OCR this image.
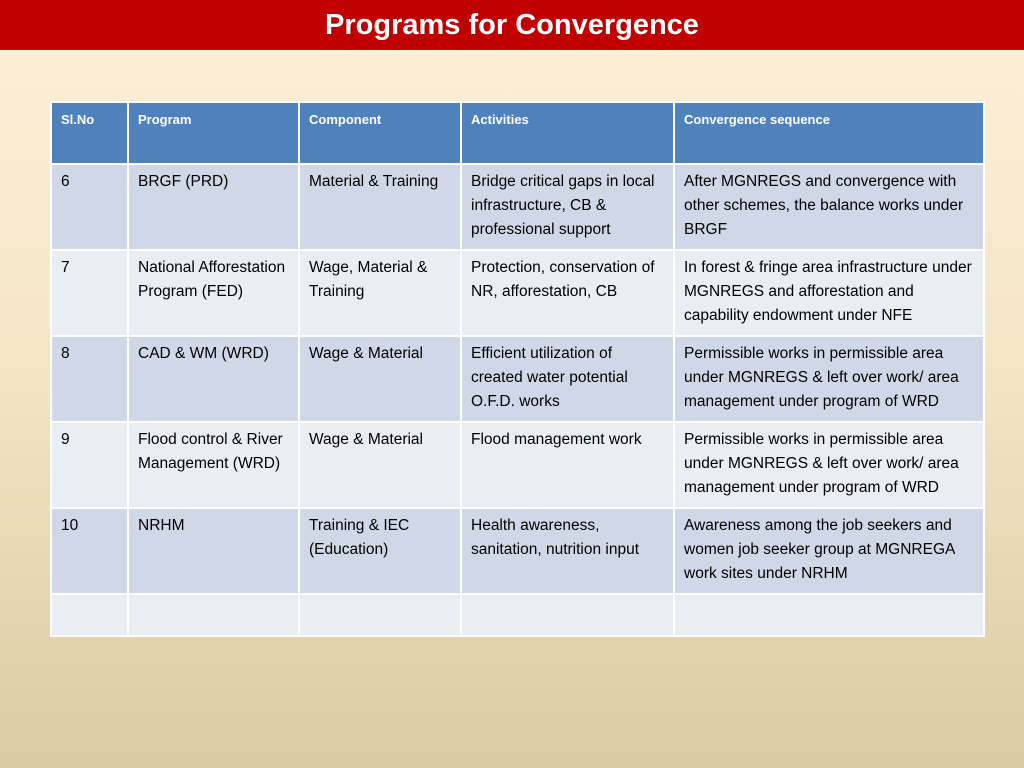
Programs for Convergence
Sl.No	Program	Component	Activities	Convergence sequence
6	BRGF (PRD)	Material & Training	Bridge critical gaps in local infrastructure, CB & professional support	After MGNREGS and convergence with other schemes, the balance works under BRGF
7	National Afforestation Program (FED)	Wage, Material & Training	Protection, conservation of NR, afforestation, CB	In forest & fringe area infrastructure under MGNREGS and afforestation and capability endowment under NFE
8	CAD & WM (WRD)	Wage & Material	Efficient utilization of created water potential O.F.D. works	Permissible works in permissible area under MGNREGS & left over work/ area management under program of WRD
9	Flood control & River Management (WRD)	Wage & Material	Flood management work	Permissible works in permissible area under MGNREGS & left over work/ area management under program of WRD
10	NRHM	Training & IEC (Education)	Health awareness, sanitation, nutrition input	Awareness among the job seekers and women job seeker group at MGNREGA work sites under NRHM
